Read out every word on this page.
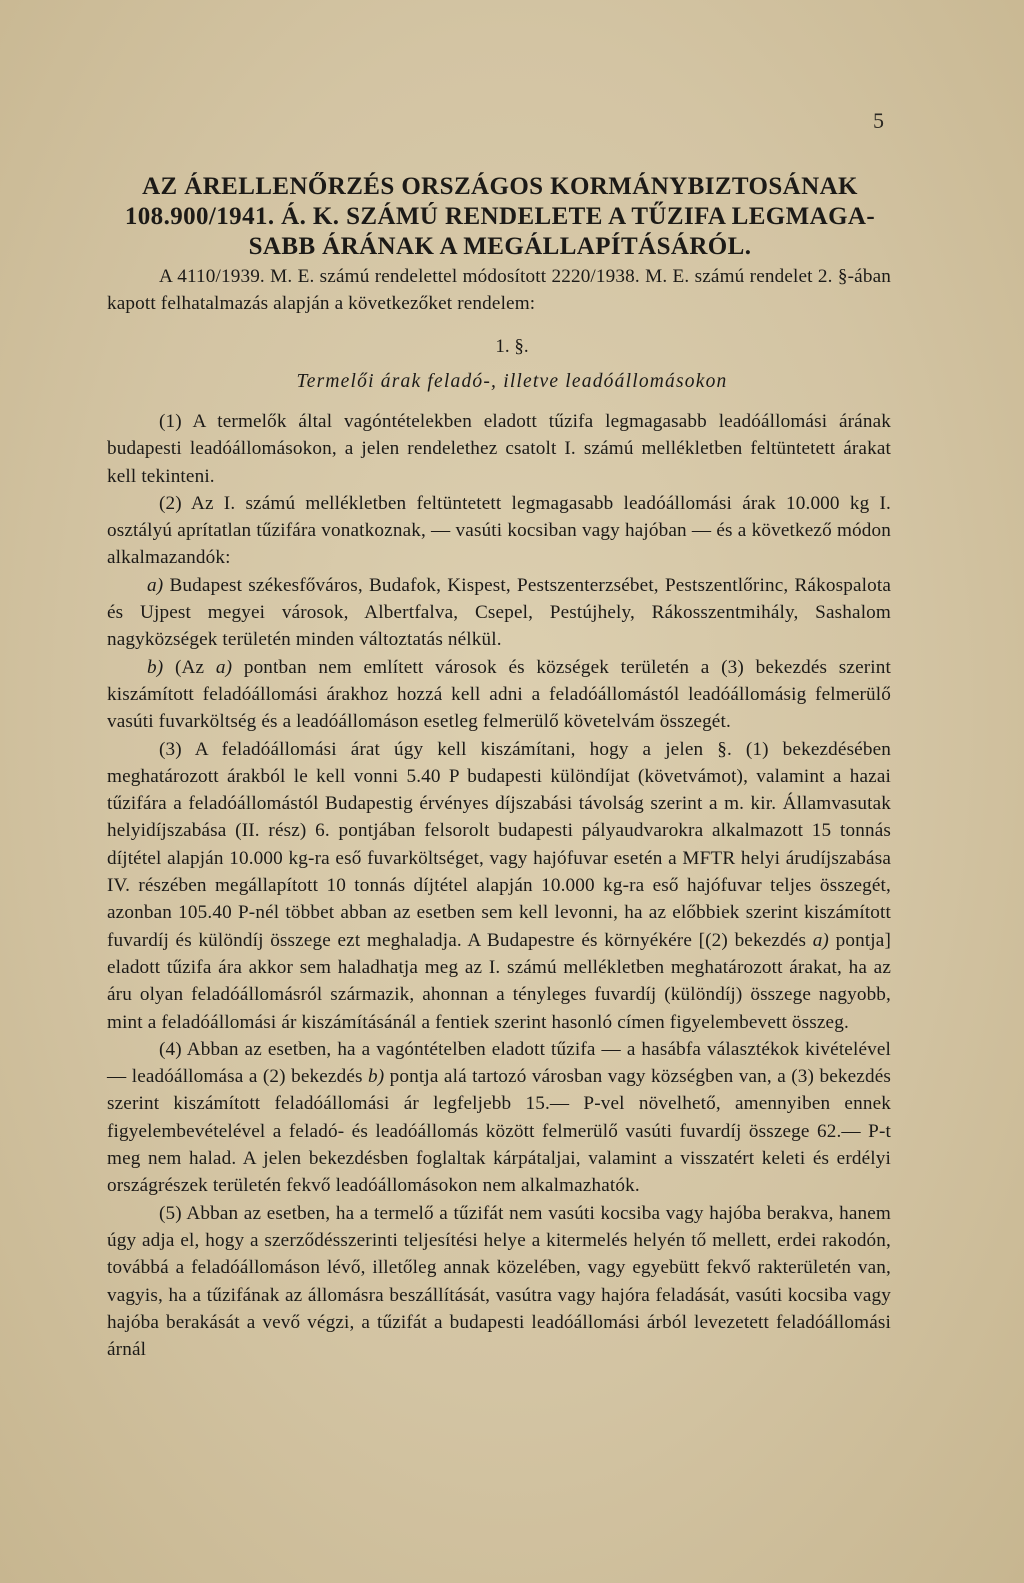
5
AZ ÁRELLENŐRZÉS ORSZÁGOS KORMÁNYBIZTOSÁNAK
108.900/1941. Á. K. SZÁMÚ RENDELETE A TŰZIFA LEGMAGA-
SABB ÁRÁNAK A MEGÁLLAPÍTÁSÁRÓL.

A 4110/1939. M. E. számú rendelettel módosított 2220/1938. M. E. számú rendelet 2. §-ában kapott felhatalmazás alapján a következőket rendelem:

1. §.
Termelői árak feladó-, illetve leadóállomásokon

(1) A termelők által vagóntételekben eladott tűzifa legmagasabb leadóállomási árának budapesti leadóállomásokon, a jelen rendelethez csatolt I. számú mellékletben feltüntetett árakat kell tekinteni.

(2) Az I. számú mellékletben feltüntetett legmagasabb leadóállomási árak 10.000 kg I. osztályú aprítatlan tűzifára vonatkoznak, — vasúti kocsiban vagy hajóban — és a következő módon alkalmazandók:

a) Budapest székesfőváros, Budafok, Kispest, Pestszenterzsébet, Pestszentlőrinc, Rákospalota és Ujpest megyei városok, Albertfalva, Csepel, Pestújhely, Rákosszentmihály, Sashalom nagyközségek területén minden változtatás nélkül.

b) (Az a) pontban nem említett városok és községek területén a (3) bekezdés szerint kiszámított feladóállomási árakhoz hozzá kell adni a feladóállomástól leadóállomásig felmerülő vasúti fuvarköltség és a leadóállomáson esetleg felmerülő követelvám összegét.

(3) A feladóállomási árat úgy kell kiszámítani, hogy a jelen §. (1) bekezdésében meghatározott árakból le kell vonni 5.40 P budapesti különdíjat (követvámot), valamint a hazai tűzifára a feladóállomástól Budapestig érvényes díjszabási távolság szerint a m. kir. Államvasutak helyidíjszabása (II. rész) 6. pontjában felsorolt budapesti pályaudvarokra alkalmazott 15 tonnás díjtétel alapján 10.000 kg-ra eső fuvarköltséget, vagy hajófuvar esetén a MFTR helyi árudíjszabása IV. részében megállapított 10 tonnás díjtétel alapján 10.000 kg-ra eső hajófuvar teljes összegét, azonban 105.40 P-nél többet abban az esetben sem kell levonni, ha az előbbiek szerint kiszámított fuvardíj és különdíj összege ezt meghaladja. A Budapestre és környékére [(2) bekezdés a) pontja] eladott tűzifa ára akkor sem haladhatja meg az I. számú mellékletben meghatározott árakat, ha az áru olyan feladóállomásról származik, ahonnan a tényleges fuvardíj (különdíj) összege nagyobb, mint a feladóállomási ár kiszámításánál a fentiek szerint hasonló címen figyelembevett összeg.

(4) Abban az esetben, ha a vagóntételben eladott tűzifa — a hasábfa választékok kivételével — leadóállomása a (2) bekezdés b) pontja alá tartozó városban vagy községben van, a (3) bekezdés szerint kiszámított feladóállomási ár legfeljebb 15.— P-vel növelhető, amennyiben ennek figyelembevételével a feladó- és leadóállomás között felmerülő vasúti fuvardíj összege 62.— P-t meg nem halad. A jelen bekezdésben foglaltak kárpátaljai, valamint a visszatért keleti és erdélyi országrészek területén fekvő leadóállomásokon nem alkalmazhatók.

(5) Abban az esetben, ha a termelő a tűzifát nem vasúti kocsiba vagy hajóba berakva, hanem úgy adja el, hogy a szerződésszerinti teljesítési helye a kitermelés helyén tő mellett, erdei rakodón, továbbá a feladóállomáson lévő, illetőleg annak közelében, vagy egyebütt fekvő rakterületén van, vagyis, ha a tűzifának az állomásra beszállítását, vasútra vagy hajóra feladását, vasúti kocsiba vagy hajóba berakását a vevő végzi, a tűzifát a budapesti leadóállomási árból levezetett feladóállomási árnál
